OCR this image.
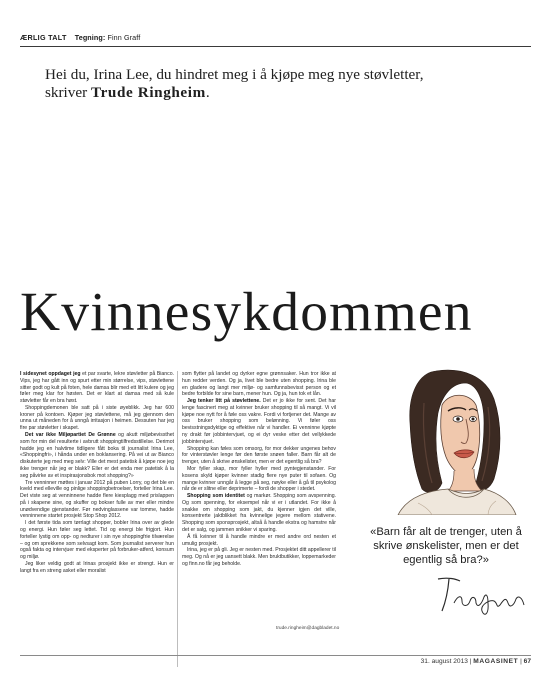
ÆRLIG TALT Tegning: Finn Graff
Hei du, Irina Lee, du hindret meg i å kjøpe meg nye støvletter,
skriver Trude Ringheim.
Kvinnesykdommen

I sidesynet oppdaget jeg et par svarte, lekre støvletter på Bianco. Vips, jeg har gått inn og spurt etter min størrelse, vips, støvlettene sitter godt og kult på foten, hele damsa blir med ett litt kulere og jeg føler meg klar for høsten. Det er klart at damsa med så kule støvletter får en bra høst.

Shoppingdemonen ble satt på i siste øyeblikk. Jeg har 600 kroner på kontoen. Kjøper jeg støvlettene, må jeg gjennom den unna ut måneden for å unngå irritasjon i heimen. Dessuten har jeg fire par støvletter i skapet.

Det var ikke Miljøpartiet De Grønne og akutt miljøbevissthet som for min del resulterte i avbrutt shoppingtilfredsstillelse. Derimot hadde jeg en halvtime tidligere fått boka til journalist Irina Lee, «Shoppingfri», i hånda under en boklansering. På vei ut av Bianco diskuterte jeg med meg selv: Ville det mest patetisk å kjøpe noe jeg ikke trenger når jeg er blakk? Eller er det enda mer patetisk å la seg påvirke av et inspirasjonsbok mot shopping?»

Tre venninner møttes i januar 2012 på puben Lorry, og det ble en kveld med elleville og pinlige shoppingbetroelser, forteller Irina Lee. Det viste seg at venninnene hadde flere kiesplagg med prislappen på i skapene sine, og skuffer og bokser fulle av mer eller mindre unødvendige gjenstander. Før nedvinglassene var tomme, hadde venninnene startet prosjekt Stop Shop 2012.

I det første tida som tørrlagt shopper, bobler Irina over av glede og energi. Hun føler seg lettet. Tid og energi ble frigjort. Hun forteller lystig om opp- og nedturer i sin nye shoppingfrie tilværelse – og om sprekkene som selvsagt kom. Som journalist serverer hun også fakta og intervjuer med eksperter på forbruker-atferd, konsum og miljø.

Jeg liker veldig godt at Irinas prosjekt ikke er strengt. Hun er langt fra en streng asket eller moralist

som flytter på landet og dyrker egne grønnsaker. Hun tror ikke at hun redder verden. Og ja, livet ble bedre uten shopping. Irina ble en gladere og langt mer miljø- og samfunnsbevisst person og et bedre forbilde for sine barn, mener hun. Og ja, hun tok et lån.

Jeg tenker litt på støvlettene. Det er jo ikke for sent. Det har lenge fascinert meg at kvinner bruker shopping til så mangt. Vi vil kjøpe noe nytt for å føle oss vakre. Fordi vi fortjener det. Mange av oss bruker shopping som belønning. Vi føler oss bevisstningsdyktige og effektive når vi handler. Ei venninne kjøpte ny drakt før jobbintervjuet, og ei dyr veske etter det vellykkede jobbintervjuet.

Shopping kan føles som omsorg, for mor dekker ungenes behov for vinterstøvler lenge før den første snøen faller. Barn får alt de trenger, uten å skrive ønskelister, men er det egentlig så bra?

Mor fyller skap, mor fyller hyller med pyntegjenstander. For kosens skyld kjøper kvinner stadig flere nye puter til sofaen. Og mange kvinner unngår å legge på seg, nøyke eller å gå til psykolog når de er slitne eller deprimerte – fordi de shopper i stedet.

Shopping som identitet og markør. Shopping som avspenning. Og som spenning, for eksempel når vi er i utlandet. For ikke å snakke om shopping som jakt, du kjenner igjen det ville, konsentrerte jaktblikket fra kvinnelige jegere mellom stativene. Shopping som sponsprosjekt, altså å handle ekstra og hamstre når det er salg, og jammen snikker vi sparing.

Å få kvinner til å handle mindre er med andre ord nesten et umulig prosjekt.

Irina, jeg er på gli. Jeg er nesten med. Prosjektet ditt appellerer til meg. Og nå er jeg uansett blakk. Men bruktbutikker, loppemarkeder og finn.no får jeg beholde.

trude.ringheim@dagbladet.no
«Barn får alt de trenger, uten å skrive ønskelister, men er det egentlig så bra?»
31. august 2013 | MAGASINET | 67
